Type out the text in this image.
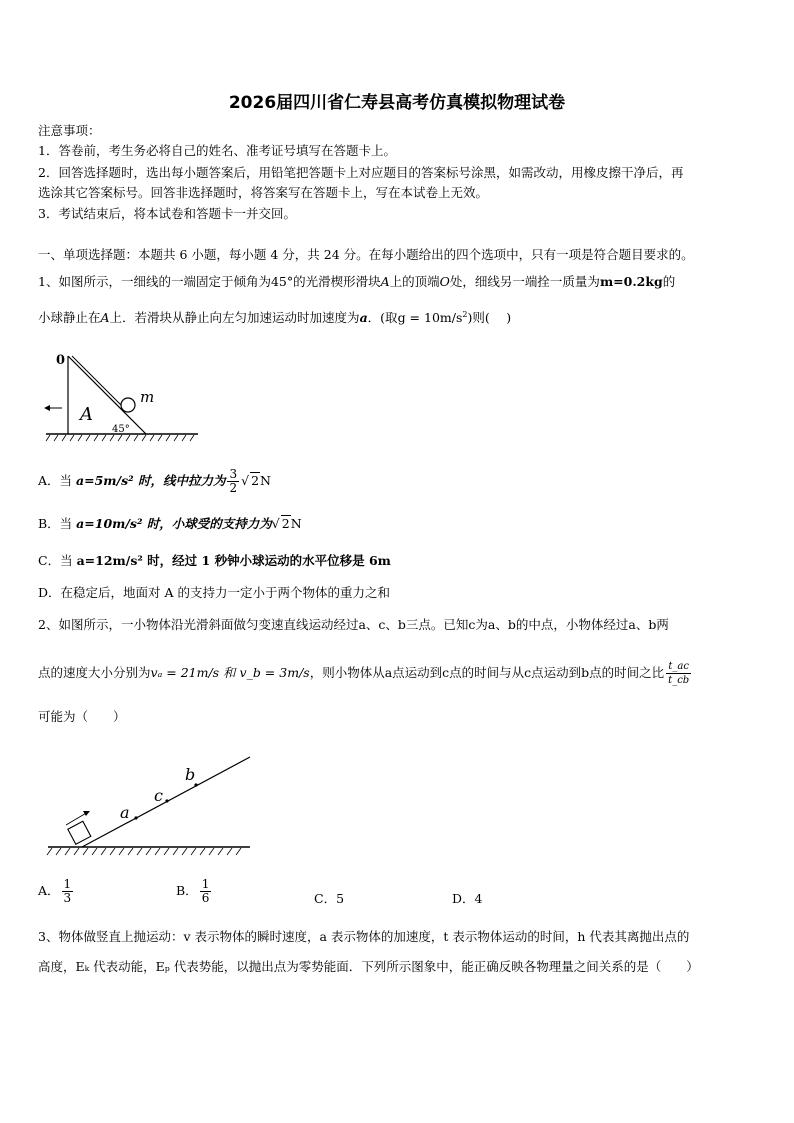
2026届四川省仁寿县高考仿真模拟物理试卷
注意事项：
1．答卷前，考生务必将自己的姓名、准考证号填写在答题卡上。
2．回答选择题时，选出每小题答案后，用铅笔把答题卡上对应题目的答案标号涂黑，如需改动，用橡皮擦干净后，再
选涂其它答案标号。回答非选择题时，将答案写在答题卡上，写在本试卷上无效。
3．考试结束后，将本试卷和答题卡一并交回。
一、单项选择题：本题共 6 小题，每小题 4 分，共 24 分。在每小题给出的四个选项中，只有一项是符合题目要求的。
1、如图所示，一细线的一端固定于倾角为45°的光滑楔形滑块A上的顶端O处，细线另一端拴一质量为m=0.2kg的
小球静止在A上．若滑块从静止向左匀加速运动时加速度为a．(取$g = 10m/s^2$)则(　 )
0
m
A
45°
A．当 a=5m/s² 时，线中拉力为 $\frac{3}{2}$ √ 2N
B．当 a=10m/s² 时，小球受的支持力为√ 2N
C．当 a=12m/s² 时，经过 1 秒钟小球运动的水平位移是 6m
D．在稳定后，地面对 A 的支持力一定小于两个物体的重力之和
2、如图所示，一小物体沿光滑斜面做匀变速直线运动经过a、c、b三点。已知c为a、b的中点，小物体经过a、b两
点的速度大小分别为vₐ = 21m/s 和 v_b = 3m/s，则小物体从a点运动到c点的时间与从c点运动到b点的时间之比 $\frac{t\_ac}{t\_cb}$
可能为（　　）
a
c
b
A． $\frac{1}{3}$	B． $\frac{1}{6}$	C．5	D．4
3、物体做竖直上抛运动：v 表示物体的瞬时速度，a 表示物体的加速度，t 表示物体运动的时间，h 代表其离抛出点的
高度，Eₖ 代表动能，Eₚ 代表势能，以抛出点为零势能面．下列所示图象中，能正确反映各物理量之间关系的是（　　）
